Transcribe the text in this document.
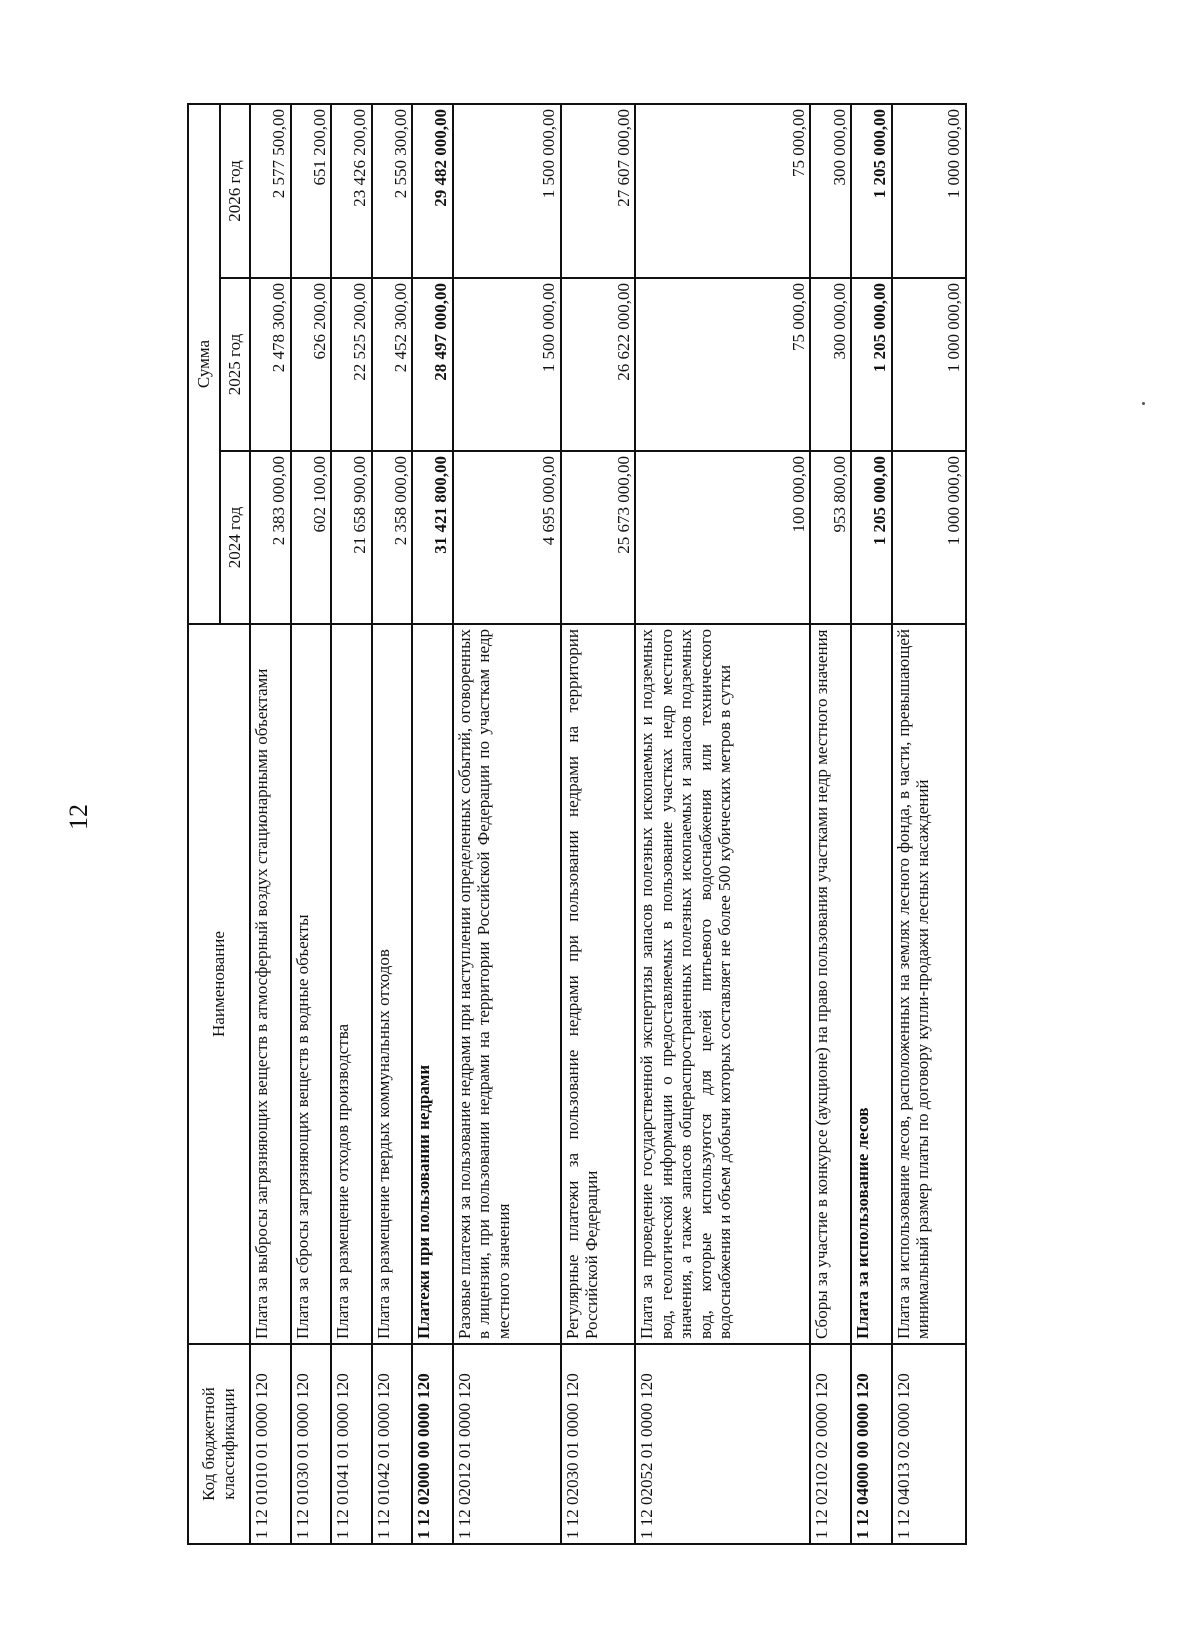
12
Код бюджетной классификации	Наименование	Сумма		
		2024 год	2025 год	2026 год
1 12 01010 01 0000 120	Плата за выбросы загрязняющих веществ в атмосферный воздух стационарными объектами	2 383 000,00	2 478 300,00	2 577 500,00
1 12 01030 01 0000 120	Плата за сбросы загрязняющих веществ в водные объекты	602 100,00	626 200,00	651 200,00
1 12 01041 01 0000 120	Плата за размещение отходов производства	21 658 900,00	22 525 200,00	23 426 200,00
1 12 01042 01 0000 120	Плата за размещение твердых коммунальных отходов	2 358 000,00	2 452 300,00	2 550 300,00
1 12 02000 00 0000 120	Платежи при пользовании недрами	31 421 800,00	28 497 000,00	29 482 000,00
1 12 02012 01 0000 120	Разовые платежи за пользование недрами при наступлении определенных событий, оговоренных в лицензии, при пользовании недрами на территории Российской Федерации по участкам недр местного значения	4 695 000,00	1 500 000,00	1 500 000,00
1 12 02030 01 0000 120	Регулярные платежи за пользование недрами при пользовании недрами на территории Российской Федерации	25 673 000,00	26 622 000,00	27 607 000,00
1 12 02052 01 0000 120	Плата за проведение государственной экспертизы запасов полезных ископаемых и подземных вод, геологической информации о предоставляемых в пользование участках недр местного значения, а также запасов общераспространенных полезных ископаемых и запасов подземных вод, которые используются для целей питьевого водоснабжения или технического водоснабжения и объем добычи которых составляет не более 500 кубических метров в сутки	100 000,00	75 000,00	75 000,00
1 12 02102 02 0000 120	Сборы за участие в конкурсе (аукционе) на право пользования участками недр местного значения	953 800,00	300 000,00	300 000,00
1 12 04000 00 0000 120	Плата за использование лесов	1 205 000,00	1 205 000,00	1 205 000,00
1 12 04013 02 0000 120	Плата за использование лесов, расположенных на землях лесного фонда, в части, превышающей минимальный размер платы по договору купли-продажи лесных насаждений	1 000 000,00	1 000 000,00	1 000 000,00
